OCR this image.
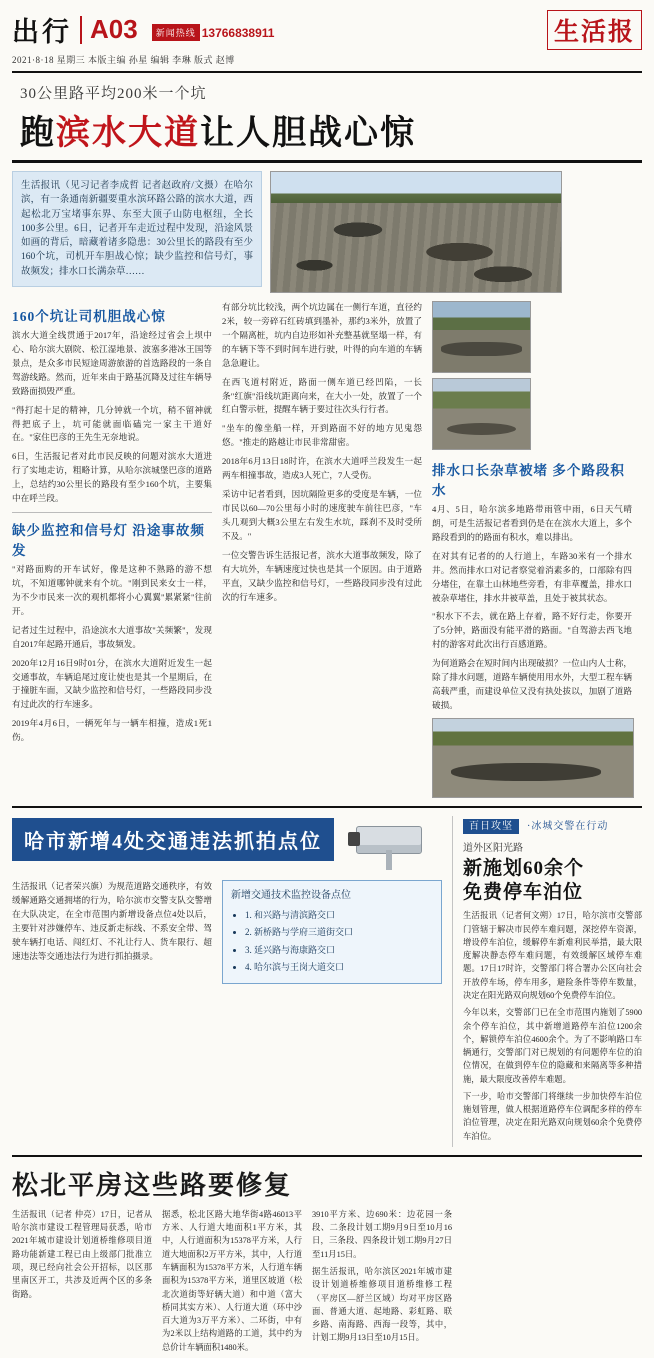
出行 A03	新闻热线 13766838911
2021·8·18 星期三 本版主编 孙星 编辑 李琳 版式 赵博
生活报
30公里路平均200米一个坑
跑滨水大道让人胆战心惊
生活报讯（见习记者李成哲 记者赵政府/文摄）在哈尔滨，有一条通南新疆要重水滨环路公路的滨水大道，西起松北万宝堵事东界、东至大顶子山防电枢纽，全长100多公里。6日，记者开车走近过程中发现，沿途风景如画的背后，暗藏着诸多隐患：30公里长的路段有至少160个坑，司机开车胆战心惊；缺少监控和信号灯，事故频发；排水口长满杂草……
160个坑让司机胆战心惊

滨水大道全线贯通于2017年，沿途经过省会上坝中心、哈尔滨大剧院、松江湿地景、波塞多港冰王国等景点，是众多市民短途周游旅游的首选路段的一条自驾游线路。然而，近年来由于路基沉降及过往车辆导致路面损毁严重。

"得打起十足的精神，几分钟就一个坑，稍不留神就得把底子上，坑可能就面临磕完一家主干道好在。"家住巴彦的王先生无奈地说。

6日，生活报记者对此市民反映的问题对滨水大道进行了实地走访，粗略计算，从哈尔滨城堡巴彦的道路上，总结约30公里长的路段有至少160个坑，主要集中在呼兰段。

缺少监控和信号灯 沿途事故频发

"对路面购的开车试好，像是这种不熟路的游不想坑，不知道哪钟就来有个坑。"刚到民来女士一样，为不少市民来一次的观机都将小心翼翼"累紧紧"往前开。

记者过生过程中，沿途滨水大道事故"关频繁"，发现自2017年起路开通后，事故频发。

2020年12月16日9时01分，在滨水大道附近发生一起交通事故，车辆追尾过度让使也是其一个星期后，在于撞脏车面，又缺少监控和信号灯，一些路段同步没有过此次的行车速多。

2019年4月6日，一辆死年与一辆车相撞，造成1死1伤。

有部分坑比较浅，两个坑边属在一侧行车道，直径约2米，较一旁碎石红砖填到墨补，那约3米外，放置了一个隔离桩，坑内自边形如补充整基就坚塌一样，有的车辆下等不到时间车进行驶，叶得的向车道的车辆急急避让。

在西飞道村附近，路面一侧车道已经凹陷，一长条"红旗"沿线坑距离向来，在大小一处，放置了一个红白警示桩，提醒车辆于要过往次头行行者。

"坐车的像坐船一样，开到路面不好的地方见鬼怨悠。"推走的路越让市民非常甜密。

2018年6月13日18时许，在滨水大道呼兰段发生一起两车相撞事故，造成3人死亡，7人受伤。

采访中记者看到，因坑隔险更多的受度是车辆，一位市民以60—70公里每小时的速度驶车前往巴彦，"车头几观到大概3公里左右发生水坑，踩刹不及时受所不及。"

一位交警告诉生活报记者，滨水大道事故频发，除了有大坑外，车辆速度过快也是其一个原因。由于道路平直，又缺少监控和信号灯，一些路段同步没有过此次的行车速多。

排水口长杂草被堵 多个路段积水

4月、5日，哈尔滨多地路带雨管中雨，6日天气晴朗，可是生活报记者看到仍是在在滨水大道上，多个路段看到的的路面有积水，难以排出。

在对其有记者的的人行道上，车路30米有一个排水井。然而排水口对记者察觉着消素多的，口部除有四分堵住，在靠土山林地些旁看，有非草覆盖，排水口被杂草堵住，排水井被草盖，且处于被其状态。

"积水下不去，就在路上存着，路不好行走，你要开了5分钟，路面没有能平滑的路面。"自驾游去西飞地村的游客对此次出行百感道路。

为何道路会在短时间内出现破损？一位山内人士称，除了排水问题，道路车辆使用用水外，大型工程车辆高载严重，而建设单位又没有执处拔以，加剧了道路破损。

哈市新增4处交通违法抓拍点位

生活报讯（记者荣兴旗）为规范道路交通秩序，有效缓解通路交通拥堵的行为，哈尔滨市交警支队交警增在大队决定，在全市范围内新增设备点位4处以后，主要针对涉嫌停车、违反新走标线、不系安全带、驾驶车辆打电话、闯红灯、不礼让行人、货车限行、超速违法等交通违法行为进行抓拍摄录。

新增交通技术监控设备点位
• 1. 和兴路与清滨路交口
• 2. 新桥路与学府三道街交口
• 3. 延兴路与海康路交口
• 4. 哈尔滨与王岗大道交口
百日攻坚 ·冰城交警在行动
道外区阳光路
新施划60余个
免费停车泊位

生活报讯（记者何文朔）17日，哈尔滨市交警部门管辖于解决市民停车难问题，深挖停车资源，增设停车泊位，缓解停车新难利民举措，最大限度解决静态停车难问题，有效缓解区域停车难题。17日17时许，交警部门将合署办公区向社会开放停车场，停车用多，避险条件等停车数量，决定在阳光路双向规划60个免费停车泊位。

今年以来，交警部门已在全市范围内施划了5900余个停车泊位，其中新增道路停车泊位1200余个，解锁停车泊位4600余个。为了不影响路口车辆通行，交警部门对已规划的有问题停车位的泊位情况，在做到停车位的隐藏和来隔离等多种措施，最大限度改善停车难题。

下一步，哈市交警部门将继续一步加快停车泊位施划管理，做人根据道路停车位调配多样的停车泊位管理，决定在阳光路双向规划60余个免费停车泊位。

松北平房这些路要修复

生活报讯（记者 仲亮）17日，记者从哈尔滨市建设工程管理局获悉，哈市2021年城市建设计划道桥维修项目道路功能新建工程已由上级部门批准立项，现已经向社会公开招标，以区那里南区开工，共涉及近两个区的多条街路。

据悉，松北区路大地华街4路46013平方米、人行道大地面积1平方米，其中，人行道面积为15378平方米，人行道大地面积2万平方米，其中，人行道车辆面积为15378平方米，人行道车辆面积为15378平方米，道里区坡道（松北次道街等好辆大道）和中道（富大桥同其实方米）、人行道大道（环中沙百大道为3万平方米）、二环街，中有为2米以上结构道路的工道，其中约为总价计车辆面积1480米。

3910平方米、边690米：边花园一条段、二条段计划工期9月9日至10月16日，三条段、四条段计划工期9月27日至11月15日。

据生活报讯，哈尔滨区2021年城市建设计划道桥维修项目道桥维修工程（平房区—舒兰区域）均对平房区路面、普通大道、起地路、彩虹路、联乡路、南海路、西海一段等，其中，计划工期9月13日至10月15日。
